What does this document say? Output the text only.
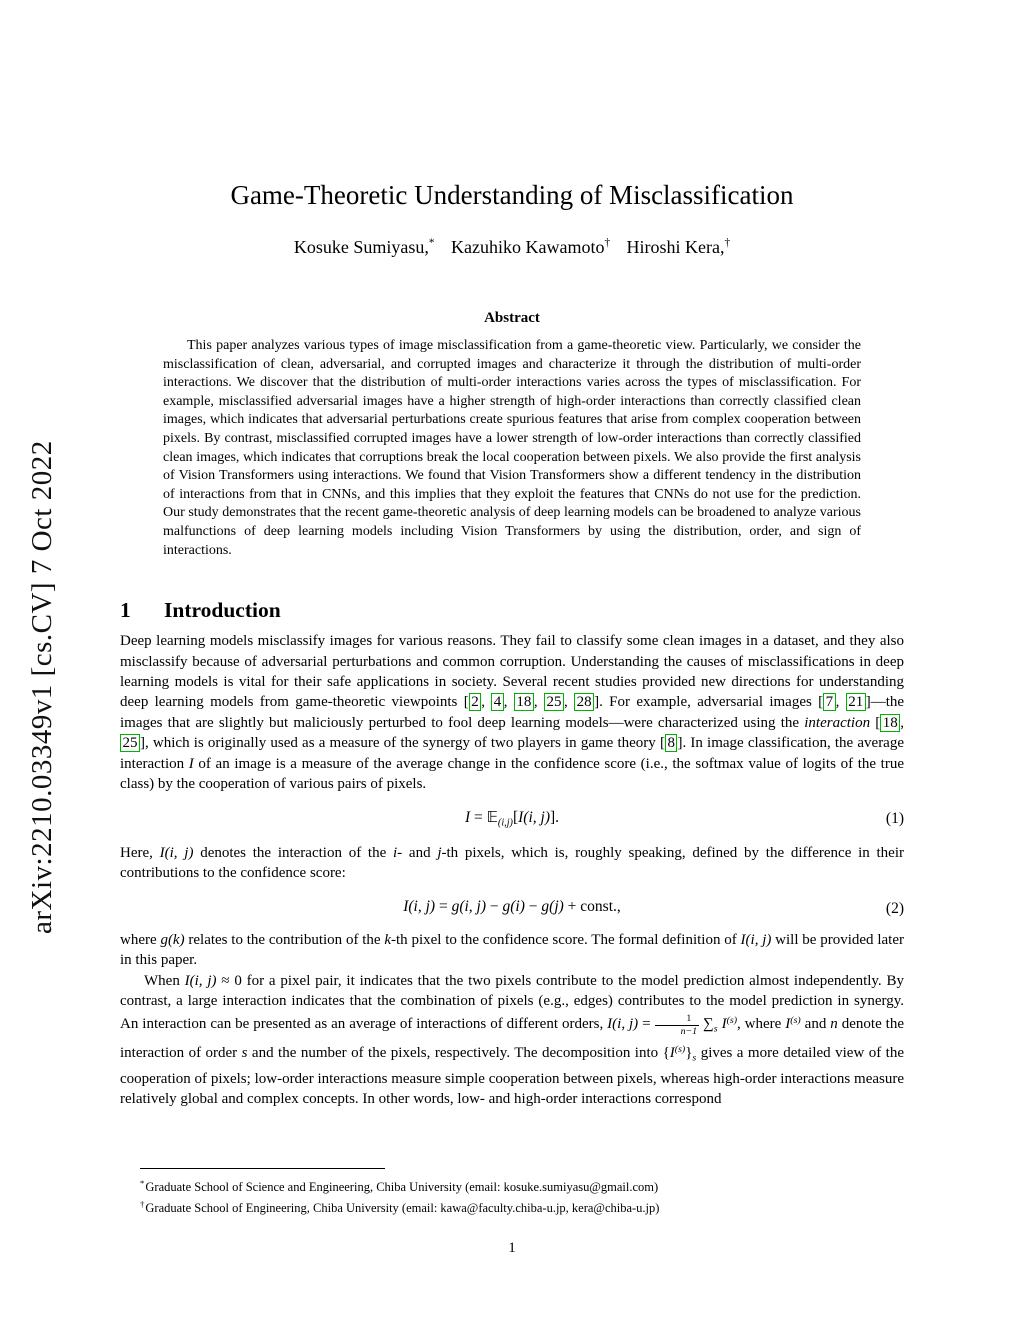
arXiv:2210.03349v1 [cs.CV] 7 Oct 2022
Game-Theoretic Understanding of Misclassification
Kosuke Sumiyasu,* Kazuhiko Kawamoto† Hiroshi Kera,†
Abstract

This paper analyzes various types of image misclassification from a game-theoretic view. Particularly, we consider the misclassification of clean, adversarial, and corrupted images and characterize it through the distribution of multi-order interactions. We discover that the distribution of multi-order interactions varies across the types of misclassification. For example, misclassified adversarial images have a higher strength of high-order interactions than correctly classified clean images, which indicates that adversarial perturbations create spurious features that arise from complex cooperation between pixels. By contrast, misclassified corrupted images have a lower strength of low-order interactions than correctly classified clean images, which indicates that corruptions break the local cooperation between pixels. We also provide the first analysis of Vision Transformers using interactions. We found that Vision Transformers show a different tendency in the distribution of interactions from that in CNNs, and this implies that they exploit the features that CNNs do not use for the prediction. Our study demonstrates that the recent game-theoretic analysis of deep learning models can be broadened to analyze various malfunctions of deep learning models including Vision Transformers by using the distribution, order, and sign of interactions.

1 Introduction

Deep learning models misclassify images for various reasons. They fail to classify some clean images in a dataset, and they also misclassify because of adversarial perturbations and common corruption. Understanding the causes of misclassifications in deep learning models is vital for their safe applications in society. Several recent studies provided new directions for understanding deep learning models from game-theoretic viewpoints [ 2 , 4 , 18 , 25 , 28 ]. For example, adversarial images [ 7 , 21 ]—the images that are slightly but maliciously perturbed to fool deep learning models—were characterized using the interaction [ 18 , 25 ], which is originally used as a measure of the synergy of two players in game theory [ 8 ]. In image classification, the average interaction I of an image is a measure of the average change in the confidence score (i.e., the softmax value of logits of the true class) by the cooperation of various pairs of pixels.

I = 𝔼$_{(i,j)}$[I(i, j)].	(1)

Here, I(i, j) denotes the interaction of the i- and j-th pixels, which is, roughly speaking, defined by the difference in their contributions to the confidence score:

I(i, j) = g(i, j) − g(i) − g(j) + const.,	(2)

where g(k) relates to the contribution of the k-th pixel to the confidence score. The formal definition of I(i, j) will be provided later in this paper.

When I(i, j) ≈ 0 for a pixel pair, it indicates that the two pixels contribute to the model prediction almost independently. By contrast, a large interaction indicates that the combination of pixels (e.g., edges) contributes to the model prediction in synergy. An interaction can be presented as an average of interactions of different orders, I(i, $j) = \frac{1}{n-1} \sum_s$ $I^{(s)}$, where $I^{(s)}$ and n denote the interaction of order s and the number of the pixels, respectively. The decomposition into $\{I^{(s)}\}_s$ gives a more detailed view of the cooperation of pixels; low-order interactions measure simple cooperation between pixels, whereas high-order interactions measure relatively global and complex concepts. In other words, low- and high-order interactions correspond

*Graduate School of Science and Engineering, Chiba University (email: kosuke.sumiyasu@gmail.com)
†Graduate School of Engineering, Chiba University (email: kawa@faculty.chiba-u.jp, kera@chiba-u.jp)
1
